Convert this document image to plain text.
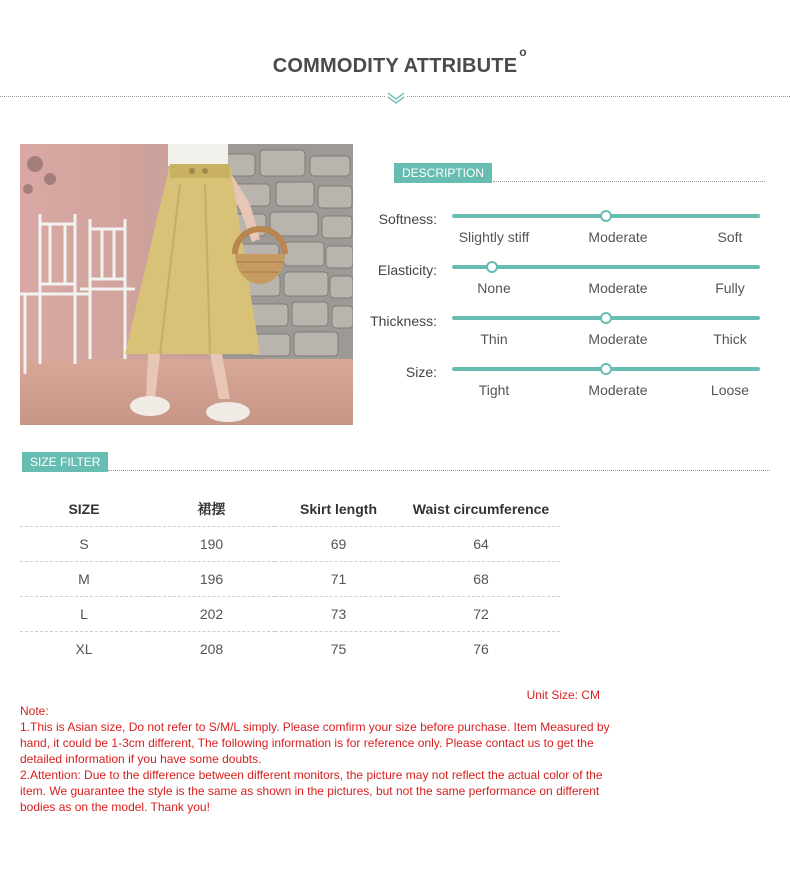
COMMODITY ATTRIBUTE
o
DESCRIPTION
Softness:
Slightly stiff	Moderate	Soft
Elasticity:
None	Moderate	Fully
Thickness:
Thin	Moderate	Thick
Size:
Tight	Moderate	Loose
SIZE FILTER
SIZE	裙摆	Skirt length	Waist circumference
S	190	69	64
M	196	71	68
L	202	73	72
XL	208	75	76
Unit Size: CM
Note:
1.This is Asian size, Do not refer to S/M/L simply. Please comfirm your size before purchase. Item Measured by hand, it could be 1-3cm different, The following information is for reference only. Please contact us to get the detailed information if you have some doubts.
2.Attention: Due to the difference between different monitors, the picture may not reflect the actual color of the item. We guarantee the style is the same as shown in the pictures, but not the same performance on different bodies as on the model. Thank you!
